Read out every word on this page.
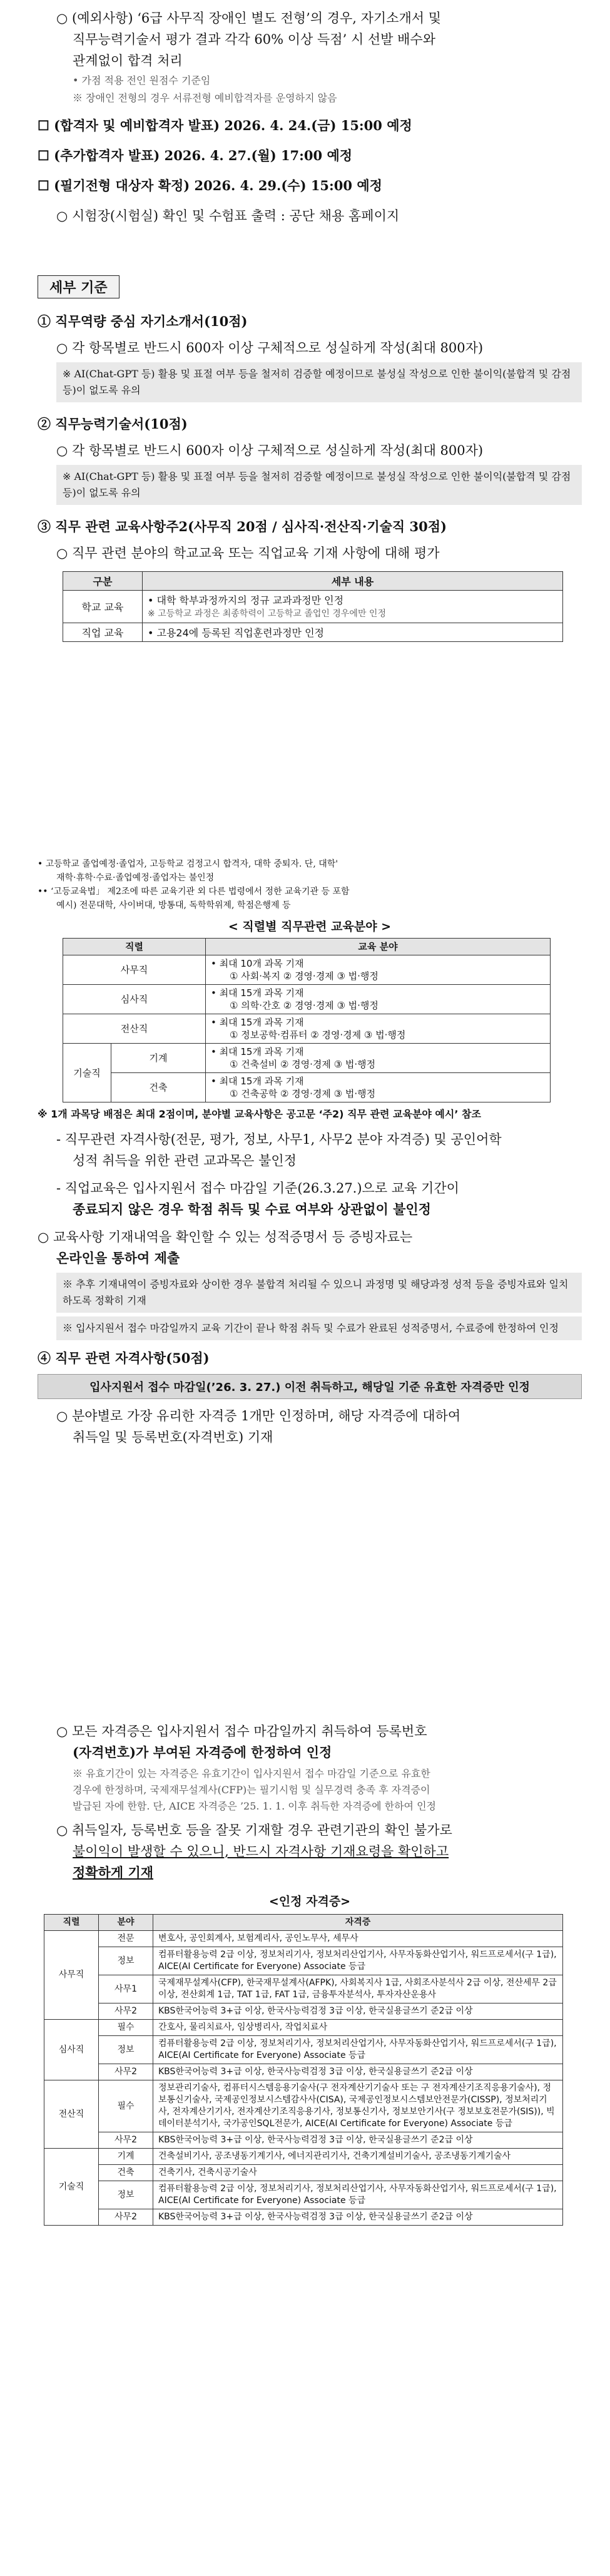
○ (예외사항) ‘6급 사무직 장애인 별도 전형’의 경우, 자기소개서 및

직무능력기술서 평가 결과 각각 60% 이상 득점’ 시 선발 배수와

관계없이 합격 처리

• 가점 적용 전인 원점수 기준임

※ 장애인 전형의 경우 서류전형 예비합격자를 운영하지 않음

☐ (합격자 및 예비합격자 발표) 2026. 4. 24.(금) 15:00 예정

☐ (추가합격자 발표) 2026. 4. 27.(월) 17:00 예정

☐ (필기전형 대상자 확정) 2026. 4. 29.(수) 15:00 예정

○ 시험장(시험실) 확인 및 수험표 출력 : 공단 채용 홈페이지

세부 기준

① 직무역량 중심 자기소개서(10점)

○ 각 항목별로 반드시 600자 이상 구체적으로 성실하게 작성(최대 800자)

※ AI(Chat-GPT 등) 활용 및 표절 여부 등을 철저히 검증할 예정이므로 불성실 작성으로 인한 불이익(불합격 및 감점 등)이 없도록 유의

② 직무능력기술서(10점)

○ 각 항목별로 반드시 600자 이상 구체적으로 성실하게 작성(최대 800자)

※ AI(Chat-GPT 등) 활용 및 표절 여부 등을 철저히 검증할 예정이므로 불성실 작성으로 인한 불이익(불합격 및 감점 등)이 없도록 유의

③ 직무 관련 교육사항주2(사무직 20점 / 심사직·전산직·기술직 30점)

○ 직무 관련 분야의 학교교육 또는 직업교육 기재 사항에 대해 평가

구분	세부 내용
학교 교육	• 대학 학부과정까지의 정규 교과과정만 인정
※ 고등학교 과정은 최종학력이 고등학교 졸업인 경우에만 인정

직업 교육	• 고용24에 등록된 직업훈련과정만 인정

• 고등학교 졸업예정·졸업자, 고등학교 검정고시 합격자, 대학 중퇴자. 단, 대학'

재학·휴학·수료·졸업예정·졸업자는 불인정

•• ‘고등교육법」 제2조에 따른 교육기관 외 다른 법령에서 정한 교육기관 등 포함

예시) 전문대학, 사이버대, 방통대, 독학학위제, 학점은행제 등

< 직렬별 직무관련 교육분야 >
직렬		교육 분야
사무직		• 최대 10개 과목 기재
① 사회·복지 ② 경영·경제 ③ 법·행정

심사직		• 최대 15개 과목 기재
① 의학·간호 ② 경영·경제 ③ 법·행정

전산직		• 최대 15개 과목 기재
① 정보공학·컴퓨터 ② 경영·경제 ③ 법·행정

기술직	기계	• 최대 15개 과목 기재
① 건축설비 ② 경영·경제 ③ 법·행정

	건축	• 최대 15개 과목 기재
① 건축공학 ② 경영·경제 ③ 법·행정

※ 1개 과목당 배점은 최대 2점이며, 분야별 교육사항은 공고문 ‘주2) 직무 관련 교육분야 예시’ 참조

- 직무관련 자격사항(전문, 평가, 정보, 사무1, 사무2 분야 자격증) 및 공인어학

성적 취득을 위한 관련 교과목은 불인정

- 직업교육은 입사지원서 접수 마감일 기준(26.3.27.)으로 교육 기간이

종료되지 않은 경우 학점 취득 및 수료 여부와 상관없이 불인정

○ 교육사항 기재내역을 확인할 수 있는 성적증명서 등 증빙자료는

온라인을 통하여 제출

※ 추후 기재내역이 증빙자료와 상이한 경우 불합격 처리될 수 있으니 과정명 및 해당과정 성적 등을 증빙자료와 일치하도록 정확히 기재
※ 입사지원서 접수 마감일까지 교육 기간이 끝나 학점 취득 및 수료가 완료된 성적증명서, 수료증에 한정하여 인정

④ 직무 관련 자격사항(50점)

입사지원서 접수 마감일(’26. 3. 27.) 이전 취득하고, 해당일 기준 유효한 자격증만 인정

○ 분야별로 가장 유리한 자격증 1개만 인정하며, 해당 자격증에 대하여

취득일 및 등록번호(자격번호) 기재

○ 모든 자격증은 입사지원서 접수 마감일까지 취득하여 등록번호

(자격번호)가 부여된 자격증에 한정하여 인정

※ 유효기간이 있는 자격증은 유효기간이 입사지원서 접수 마감일 기준으로 유효한

경우에 한정하며, 국제재무설계사(CFP)는 필기시험 및 실무경력 충족 후 자격증이

발급된 자에 한함. 단, AICE 자격증은 ’25. 1. 1. 이후 취득한 자격증에 한하여 인정

○ 취득일자, 등록번호 등을 잘못 기재할 경우 관련기관의 확인 불가로

불이익이 발생할 수 있으니, 반드시 자격사항 기재요령을 확인하고

정확하게 기재

<인정 자격증>
직렬	분야	자격증
사무직	전문	변호사, 공인회계사, 보험계리사, 공인노무사, 세무사
	정보	컴퓨터활용능력 2급 이상, 정보처리기사, 정보처리산업기사, 사무자동화산업기사, 워드프로세서(구 1급), AICE(AI Certificate for Everyone) Associate 등급
	사무1	국제재무설계사(CFP), 한국재무설계사(AFPK), 사회복지사 1급, 사회조사분석사 2급 이상, 전산세무 2급 이상, 전산회계 1급, TAT 1급, FAT 1급, 금융투자분석사, 투자자산운용사
	사무2	KBS한국어능력 3+급 이상, 한국사능력검정 3급 이상, 한국실용글쓰기 준2급 이상
심사직	필수	간호사, 물리치료사, 임상병리사, 작업치료사
	정보	컴퓨터활용능력 2급 이상, 정보처리기사, 정보처리산업기사, 사무자동화산업기사, 워드프로세서(구 1급), AICE(AI Certificate for Everyone) Associate 등급
	사무2	KBS한국어능력 3+급 이상, 한국사능력검정 3급 이상, 한국실용글쓰기 준2급 이상
전산직	필수	정보관리기술사, 컴퓨터시스템응용기술사(구 전자계산기기술사 또는 구 전자계산기조직응용기술사), 정보통신기술사, 국제공인정보시스템감사사(CISA), 국제공인정보시스템보안전문가(CISSP), 정보처리기사, 전자계산기기사, 전자계산기조직응용기사, 정보통신기사, 정보보안기사(구 정보보호전문가(SIS)), 빅데이터분석기사, 국가공인SQL전문가, AICE(AI Certificate for Everyone) Associate 등급
	사무2	KBS한국어능력 3+급 이상, 한국사능력검정 3급 이상, 한국실용글쓰기 준2급 이상
기술직	기계	건축설비기사, 공조냉동기계기사, 에너지관리기사, 건축기계설비기술사, 공조냉동기계기술사
	건축	건축기사, 건축시공기술사
	정보	컴퓨터활용능력 2급 이상, 정보처리기사, 정보처리산업기사, 사무자동화산업기사, 워드프로세서(구 1급), AICE(AI Certificate for Everyone) Associate 등급
	사무2	KBS한국어능력 3+급 이상, 한국사능력검정 3급 이상, 한국실용글쓰기 준2급 이상
